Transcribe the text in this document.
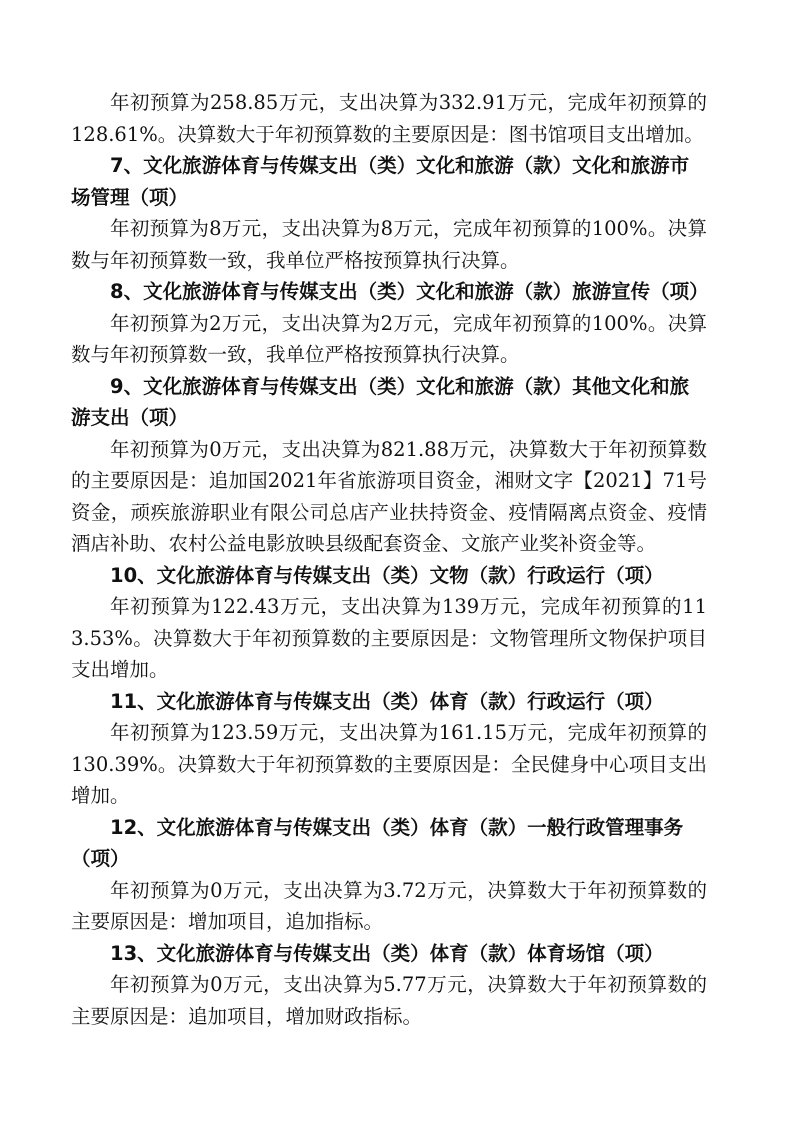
年初预算为258.85万元，支出决算为332.91万元，完成年初预算的128.61%。决算数大于年初预算数的主要原因是：图书馆项目支出增加。

7、文化旅游体育与传媒支出（类）文化和旅游（款）文化和旅游市场管理（项）

年初预算为8万元，支出决算为8万元，完成年初预算的100%。决算数与年初预算数一致，我单位严格按预算执行决算。

8、文化旅游体育与传媒支出（类）文化和旅游（款）旅游宣传（项）

年初预算为2万元，支出决算为2万元，完成年初预算的100%。决算数与年初预算数一致，我单位严格按预算执行决算。

9、文化旅游体育与传媒支出（类）文化和旅游（款）其他文化和旅游支出（项）

年初预算为0万元，支出决算为821.88万元，决算数大于年初预算数的主要原因是：追加国2021年省旅游项目资金，湘财文字【2021】71号资金，顽疾旅游职业有限公司总店产业扶持资金、疫情隔离点资金、疫情酒店补助、农村公益电影放映县级配套资金、文旅产业奖补资金等。

10、文化旅游体育与传媒支出（类）文物（款）行政运行（项）

年初预算为122.43万元，支出决算为139万元，完成年初预算的113.53%。决算数大于年初预算数的主要原因是：文物管理所文物保护项目支出增加。

11、文化旅游体育与传媒支出（类）体育（款）行政运行（项）

年初预算为123.59万元，支出决算为161.15万元，完成年初预算的130.39%。决算数大于年初预算数的主要原因是：全民健身中心项目支出增加。

12、文化旅游体育与传媒支出（类）体育（款）一般行政管理事务（项）

年初预算为0万元，支出决算为3.72万元，决算数大于年初预算数的主要原因是：增加项目，追加指标。

13、文化旅游体育与传媒支出（类）体育（款）体育场馆（项）

年初预算为0万元，支出决算为5.77万元，决算数大于年初预算数的主要原因是：追加项目，增加财政指标。
